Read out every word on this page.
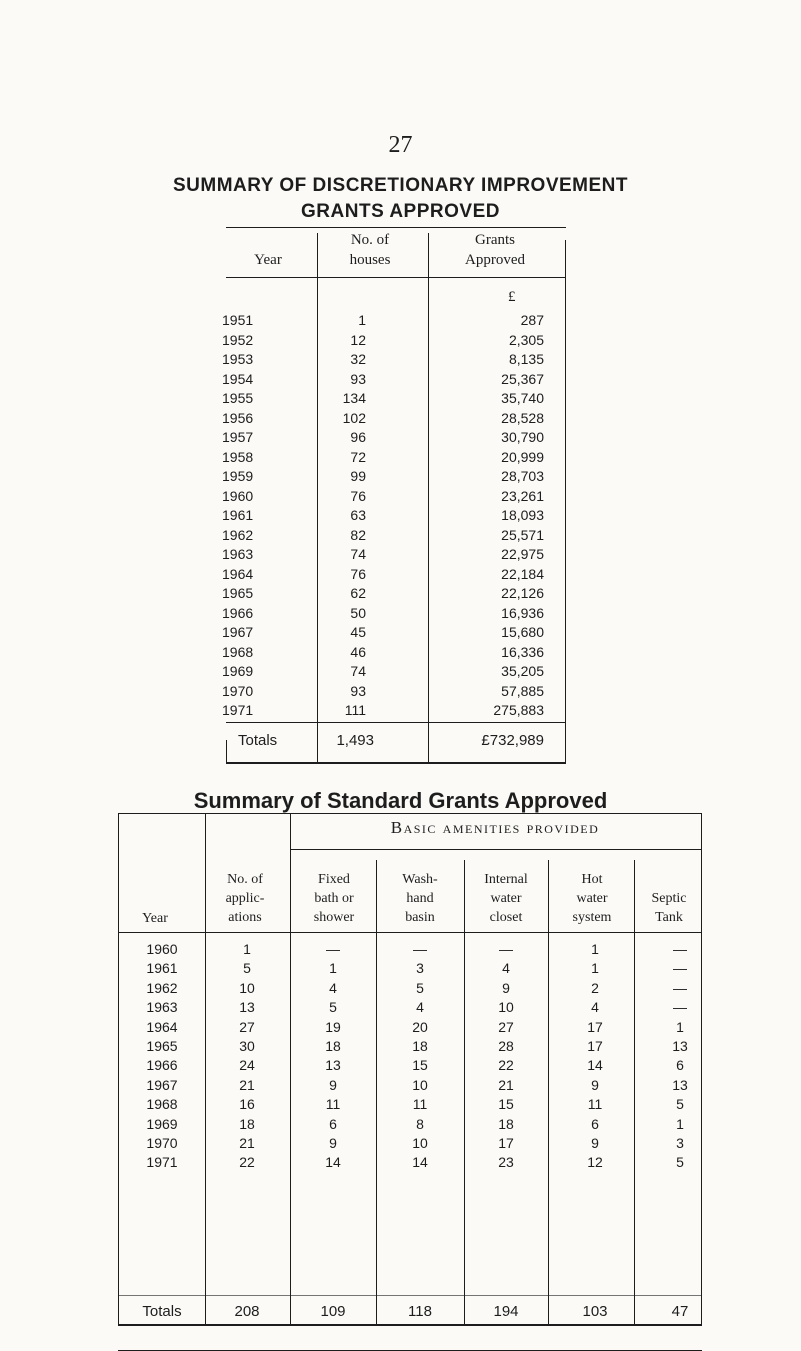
27
SUMMARY OF DISCRETIONARY IMPROVEMENT
GRANTS APPROVED
Year
No. of
houses
Grants
Approved
£
1951	1	287
1952	12	2,305
1953	32	8,135
1954	93	25,367
1955	134	35,740
1956	102	28,528
1957	96	30,790
1958	72	20,999
1959	99	28,703
1960	76	23,261
1961	63	18,093
1962	82	25,571
1963	74	22,975
1964	76	22,184
1965	62	22,126
1966	50	16,936
1967	45	15,680
1968	46	16,336
1969	74	35,205
1970	93	57,885
1971	111	275,883
Totals	1,493	£732,989
Summary of Standard Grants Approved
Basic amenities provided
Year
No. of
applic-
ations
Fixed
bath or
shower
Wash-
hand
basin
Internal
water
closet
Hot
water
system
Septic
Tank
1960	1	—	—	—	1	—
1961	5	1	3	4	1	—
1962	10	4	5	9	2	—
1963	13	5	4	10	4	—
1964	27	19	20	27	17	1
1965	30	18	18	28	17	13
1966	24	13	15	22	14	6
1967	21	9	10	21	9	13
1968	16	11	11	15	11	5
1969	18	6	8	18	6	1
1970	21	9	10	17	9	3
1971	22	14	14	23	12	5
Totals	208	109	118	194	103	47
